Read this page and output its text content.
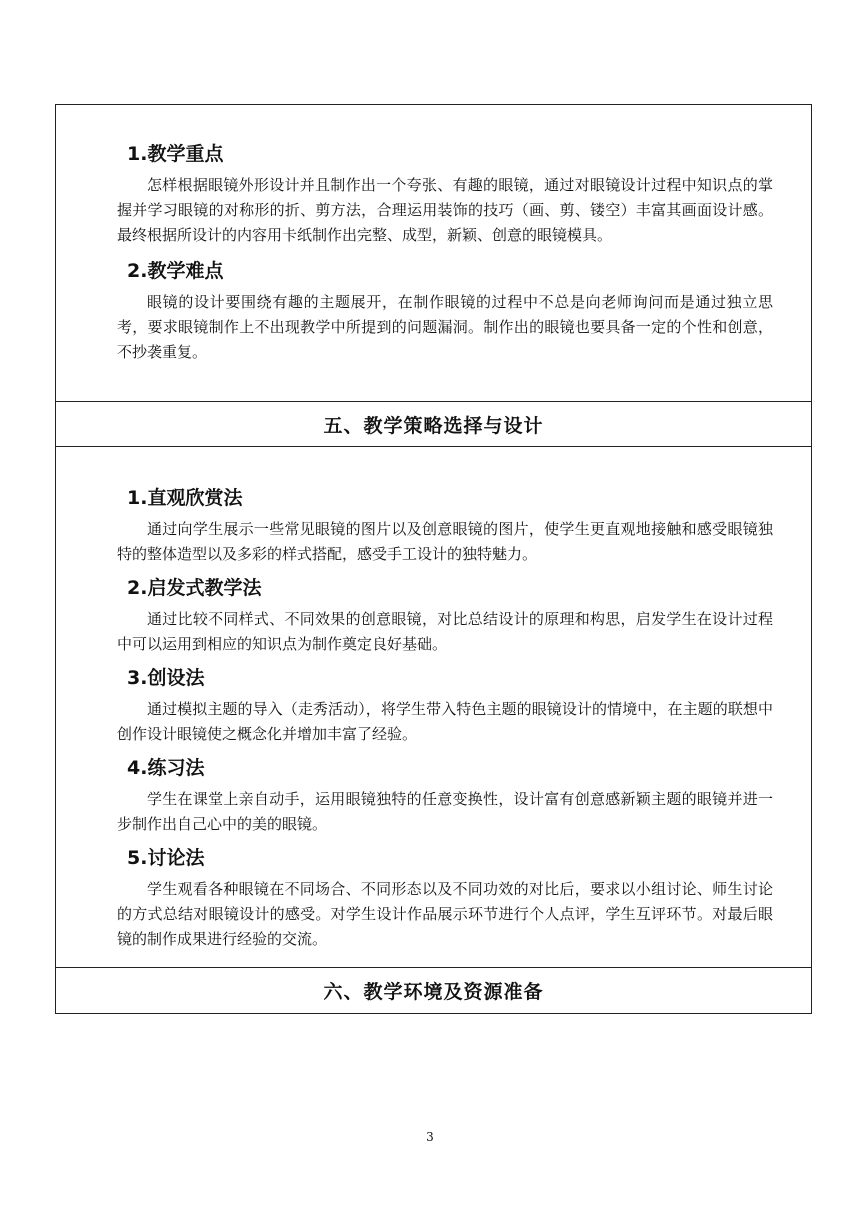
1.教学重点

怎样根据眼镜外形设计并且制作出一个夸张、有趣的眼镜，通过对眼镜设计过程中知识点的掌握并学习眼镜的对称形的折、剪方法，合理运用装饰的技巧（画、剪、镂空）丰富其画面设计感。最终根据所设计的内容用卡纸制作出完整、成型，新颖、创意的眼镜模具。

2.教学难点

眼镜的设计要围绕有趣的主题展开，在制作眼镜的过程中不总是向老师询问而是通过独立思考，要求眼镜制作上不出现教学中所提到的问题漏洞。制作出的眼镜也要具备一定的个性和创意，不抄袭重复。

五、教学策略选择与设计
1.直观欣赏法

通过向学生展示一些常见眼镜的图片以及创意眼镜的图片，使学生更直观地接触和感受眼镜独特的整体造型以及多彩的样式搭配，感受手工设计的独特魅力。

2.启发式教学法

通过比较不同样式、不同效果的创意眼镜，对比总结设计的原理和构思，启发学生在设计过程中可以运用到相应的知识点为制作奠定良好基础。

3.创设法

通过模拟主题的导入（走秀活动），将学生带入特色主题的眼镜设计的情境中，在主题的联想中创作设计眼镜使之概念化并增加丰富了经验。

4.练习法

学生在课堂上亲自动手，运用眼镜独特的任意变换性，设计富有创意感新颖主题的眼镜并进一步制作出自己心中的美的眼镜。

5.讨论法

学生观看各种眼镜在不同场合、不同形态以及不同功效的对比后，要求以小组讨论、师生讨论的方式总结对眼镜设计的感受。对学生设计作品展示环节进行个人点评，学生互评环节。对最后眼镜的制作成果进行经验的交流。

六、教学环境及资源准备
3
